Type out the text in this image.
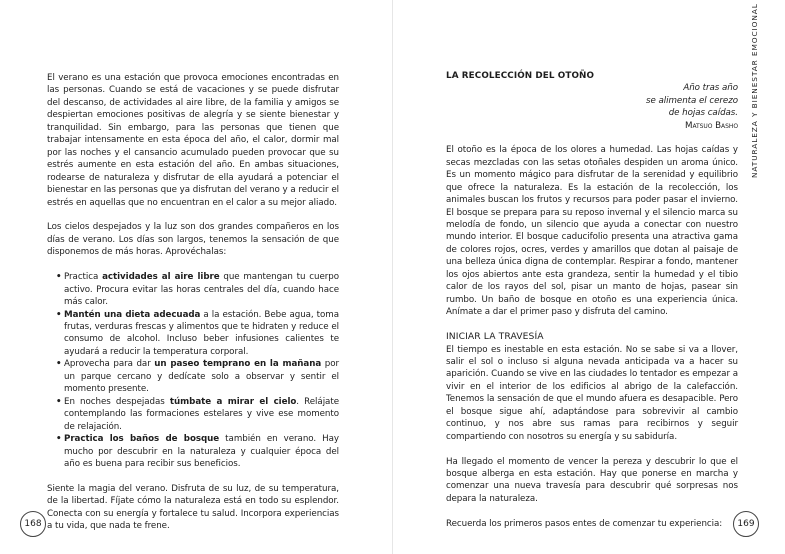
El verano es una estación que provoca emociones encontradas en las personas. Cuando se está de vacaciones y se puede disfrutar del descanso, de actividades al aire libre, de la familia y amigos se despiertan emociones positivas de alegría y se siente bienestar y tranquilidad. Sin embargo, para las personas que tienen que trabajar intensamente en esta época del año, el calor, dormir mal por las noches y el cansancio acumulado pueden provocar que su estrés aumente en esta estación del año. En ambas situaciones, rodearse de naturaleza y disfrutar de ella ayudará a potenciar el bienestar en las personas que ya disfrutan del verano y a reducir el estrés en aquellas que no encuentran en el calor a su mejor aliado.

Los cielos despejados y la luz son dos grandes compañeros en los días de verano. Los días son largos, tenemos la sensación de que disponemos de más horas. Aprovéchalas:

• Practica actividades al aire libre que mantengan tu cuerpo activo. Procura evitar las horas centrales del día, cuando hace más calor.
• Mantén una dieta adecuada a la estación. Bebe agua, toma frutas, verduras frescas y alimentos que te hidraten y reduce el consumo de alcohol. Incluso beber infusiones calientes te ayudará a reducir la temperatura corporal.
• Aprovecha para dar un paseo temprano en la mañana por un parque cercano y dedícate solo a observar y sentir el momento presente.
• En noches despejadas túmbate a mirar el cielo. Relájate contemplando las formaciones estelares y vive ese momento de relajación.
• Practica los baños de bosque también en verano. Hay mucho por descubrir en la naturaleza y cualquier época del año es buena para recibir sus beneficios.

Siente la magia del verano. Disfruta de su luz, de su temperatura, de la libertad. Fíjate cómo la naturaleza está en todo su esplendor. Conecta con su energía y fortalece tu salud. Incorpora experiencias a tu vida, que nada te frene.

168
NATURALEZA Y BIENESTAR EMOCIONAL

LA RECOLECCIÓN DEL OTOÑO

Año tras año
se alimenta el cerezo
de hojas caídas.
Matsuo Basho

El otoño es la época de los olores a humedad. Las hojas caídas y secas mezcladas con las setas otoñales despiden un aroma único. Es un momento mágico para disfrutar de la serenidad y equilibrio que ofrece la naturaleza. Es la estación de la recolección, los animales buscan los frutos y recursos para poder pasar el invierno. El bosque se prepara para su reposo invernal y el silencio marca su melodía de fondo, un silencio que ayuda a conectar con nuestro mundo interior. El bosque caducifolio presenta una atractiva gama de colores rojos, ocres, verdes y amarillos que dotan al paisaje de una belleza única digna de contemplar. Respirar a fondo, mantener los ojos abiertos ante esta grandeza, sentir la humedad y el tibio calor de los rayos del sol, pisar un manto de hojas, pasear sin rumbo. Un baño de bosque en otoño es una experiencia única. Anímate a dar el primer paso y disfruta del camino.

INICIAR LA TRAVESÍA

El tiempo es inestable en esta estación. No se sabe si va a llover, salir el sol o incluso si alguna nevada anticipada va a hacer su aparición. Cuando se vive en las ciudades lo tentador es empezar a vivir en el interior de los edificios al abrigo de la calefacción. Tenemos la sensación de que el mundo afuera es desapacible. Pero el bosque sigue ahí, adaptándose para sobrevivir al cambio continuo, y nos abre sus ramas para recibirnos y seguir compartiendo con nosotros su energía y su sabiduría.

Ha llegado el momento de vencer la pereza y descubrir lo que el bosque alberga en esta estación. Hay que ponerse en marcha y comenzar una nueva travesía para descubrir qué sorpresas nos depara la naturaleza.

Recuerda los primeros pasos entes de comenzar tu experiencia:	169
